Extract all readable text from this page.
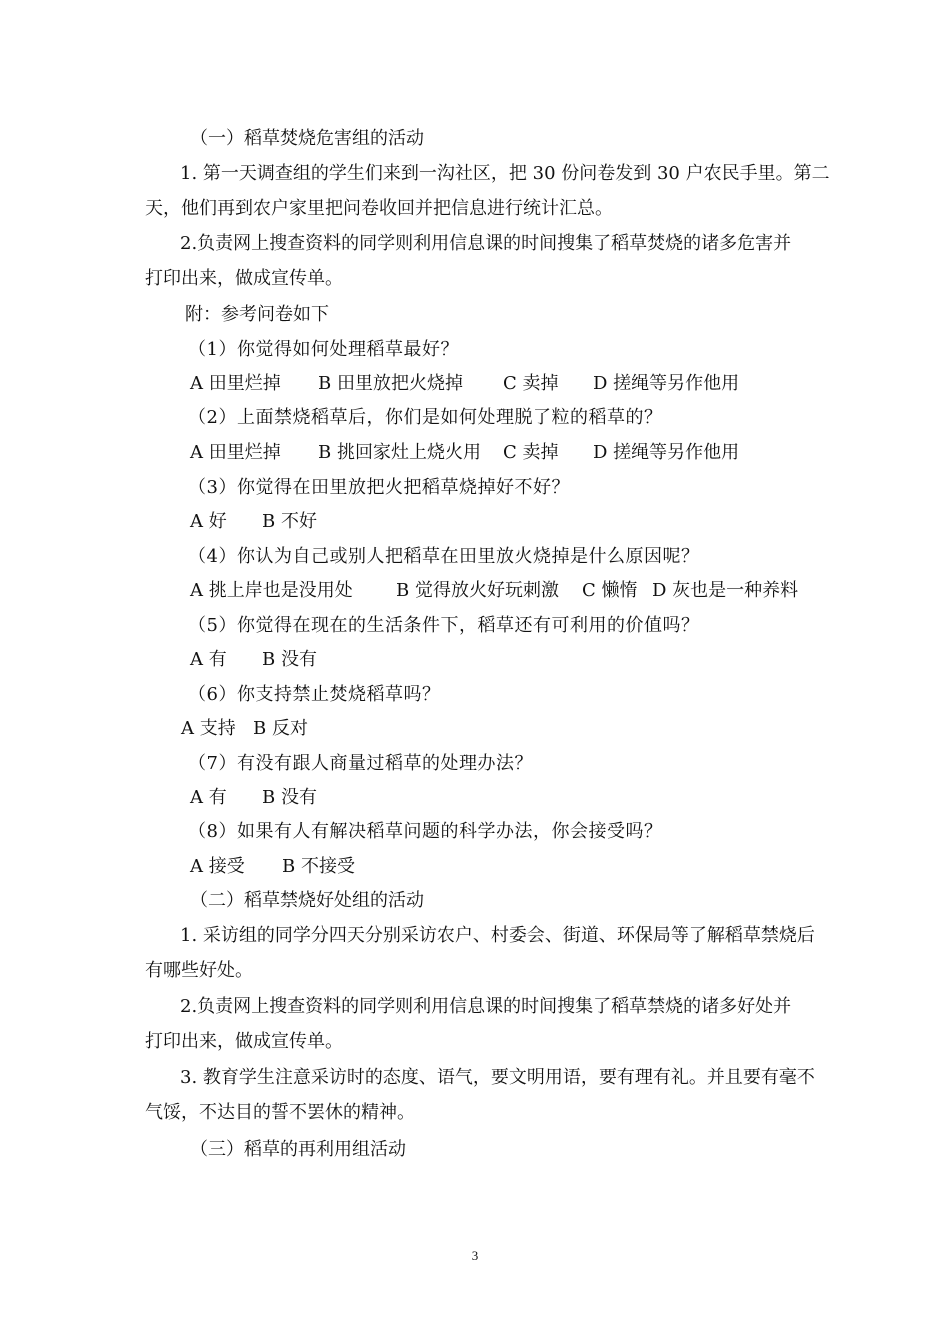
（一）稻草焚烧危害组的活动
1. 第一天调查组的学生们来到一沟社区，把 30 份问卷发到 30 户农民手里。第二
天，他们再到农户家里把问卷收回并把信息进行统计汇总。
2.负责网上搜查资料的同学则利用信息课的时间搜集了稻草焚烧的诸多危害并
打印出来，做成宣传单。
附：参考问卷如下
（1）你觉得如何处理稻草最好？
A 田里烂掉 B 田里放把火烧掉 C 卖掉 D 搓绳等另作他用
（2）上面禁烧稻草后，你们是如何处理脱了粒的稻草的？
A 田里烂掉 B 挑回家灶上烧火用 C 卖掉 D 搓绳等另作他用
（3）你觉得在田里放把火把稻草烧掉好不好？
A 好 B 不好
（4）你认为自己或别人把稻草在田里放火烧掉是什么原因呢？
A 挑上岸也是没用处 B 觉得放火好玩刺激 C 懒惰 D 灰也是一种养料
（5）你觉得在现在的生活条件下，稻草还有可利用的价值吗？
A 有 B 没有
（6）你支持禁止焚烧稻草吗？
A 支持 B 反对
（7）有没有跟人商量过稻草的处理办法？
A 有 B 没有
（8）如果有人有解决稻草问题的科学办法，你会接受吗？
A 接受 B 不接受
（二）稻草禁烧好处组的活动
1. 采访组的同学分四天分别采访农户、村委会、街道、环保局等了解稻草禁烧后
有哪些好处。
2.负责网上搜查资料的同学则利用信息课的时间搜集了稻草禁烧的诸多好处并
打印出来，做成宣传单。
3. 教育学生注意采访时的态度、语气，要文明用语，要有理有礼。并且要有毫不
气馁，不达目的誓不罢休的精神。
（三）稻草的再利用组活动
3
